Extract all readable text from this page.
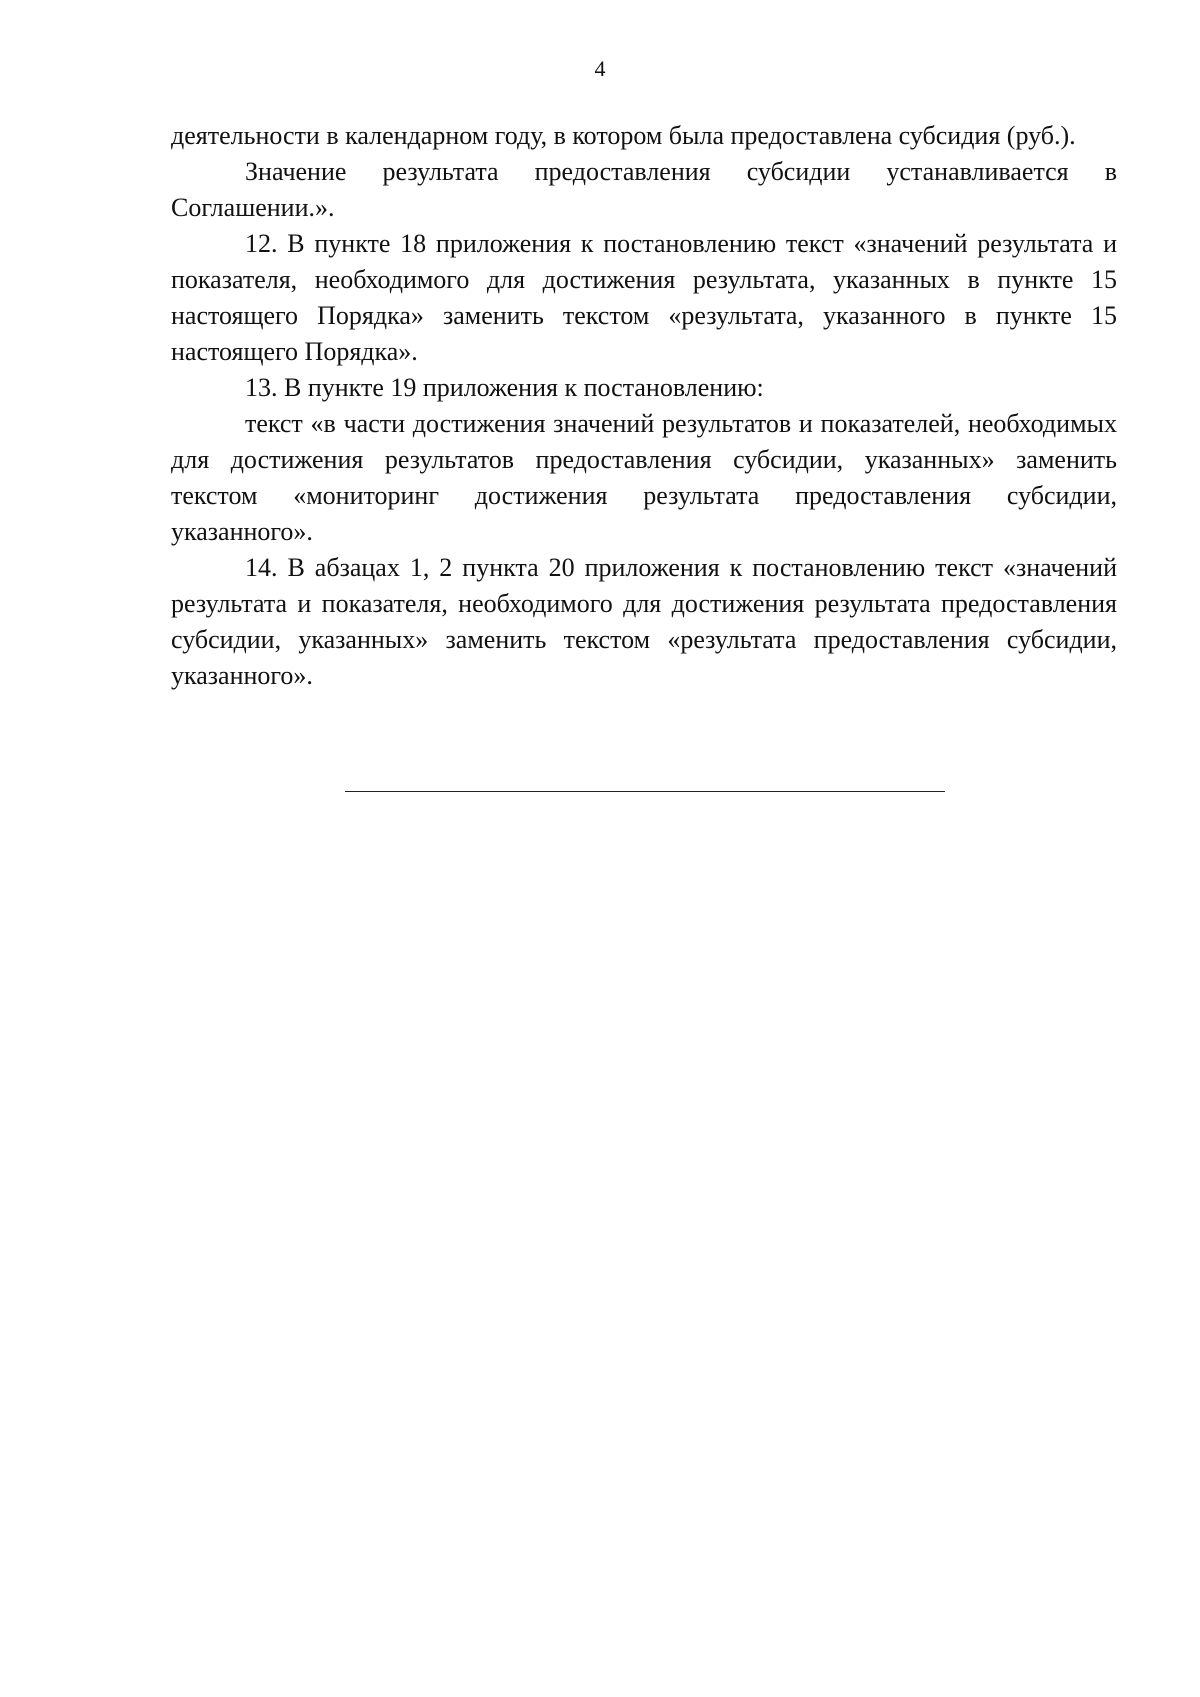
4

деятельности в календарном году, в котором была предоставлена субсидия (руб.).

Значение результата предоставления субсидии устанавливается в Соглашении.».

12. В пункте 18 приложения к постановлению текст «значений результата и показателя, необходимого для достижения результата, указанных в пункте 15 настоящего Порядка» заменить текстом «результата, указанного в пункте 15 настоящего Порядка».

13. В пункте 19 приложения к постановлению:

текст «в части достижения значений результатов и показателей, необходимых для достижения результатов предоставления субсидии, указанных» заменить текстом «мониторинг достижения результата предоставления субсидии, указанного».

14. В абзацах 1, 2 пункта 20 приложения к постановлению текст «значений результата и показателя, необходимого для достижения результата предоставления субсидии, указанных» заменить текстом «результата предоставления субсидии, указанного».
